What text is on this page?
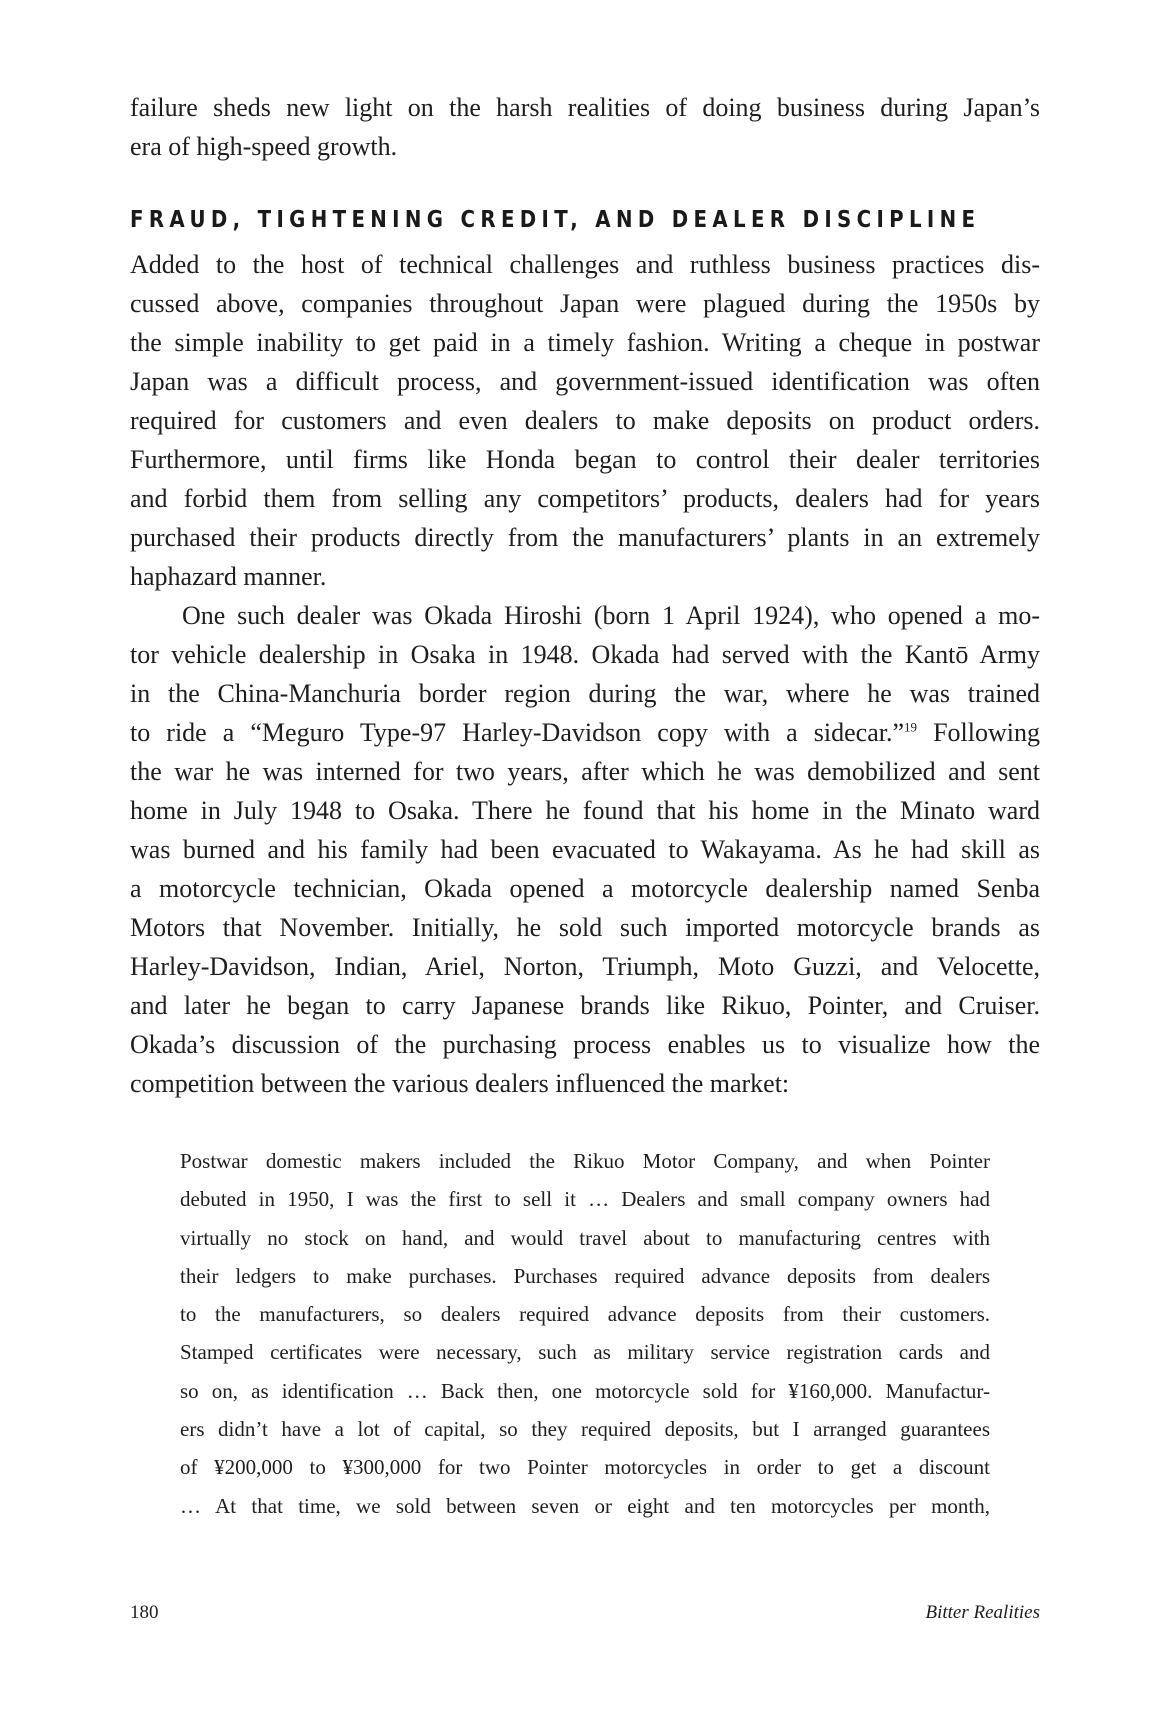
failure sheds new light on the harsh realities of doing business during Japan’s
era of high-speed growth.

FRAUD, TIGHTENING CREDIT, AND DEALER DISCIPLINE

Added to the host of technical challenges and ruthless business practices dis-
cussed above, companies throughout Japan were plagued during the 1950s by
the simple inability to get paid in a timely fashion. Writing a cheque in postwar
Japan was a difficult process, and government-issued identification was often
required for customers and even dealers to make deposits on product orders.
Furthermore, until firms like Honda began to control their dealer territories
and forbid them from selling any competitors’ products, dealers had for years
purchased their products directly from the manufacturers’ plants in an extremely
haphazard manner.

One such dealer was Okada Hiroshi (born 1 April 1924), who opened a mo-
tor vehicle dealership in Osaka in 1948. Okada had served with the Kantō Army
in the China-Manchuria border region during the war, where he was trained
to ride a “Meguro Type-97 Harley-Davidson copy with a sidecar.”$^{19}$ Following
the war he was interned for two years, after which he was demobilized and sent
home in July 1948 to Osaka. There he found that his home in the Minato ward
was burned and his family had been evacuated to Wakayama. As he had skill as
a motorcycle technician, Okada opened a motorcycle dealership named Senba
Motors that November. Initially, he sold such imported motorcycle brands as
Harley-Davidson, Indian, Ariel, Norton, Triumph, Moto Guzzi, and Velocette,
and later he began to carry Japanese brands like Rikuo, Pointer, and Cruiser.
Okada’s discussion of the purchasing process enables us to visualize how the
competition between the various dealers influenced the market:

Postwar domestic makers included the Rikuo Motor Company, and when Pointer
debuted in 1950, I was the first to sell it … Dealers and small company owners had
virtually no stock on hand, and would travel about to manufacturing centres with
their ledgers to make purchases. Purchases required advance deposits from dealers
to the manufacturers, so dealers required advance deposits from their customers.
Stamped certificates were necessary, such as military service registration cards and
so on, as identification … Back then, one motorcycle sold for ¥160,000. Manufactur-
ers didn’t have a lot of capital, so they required deposits, but I arranged guarantees
of ¥200,000 to ¥300,000 for two Pointer motorcycles in order to get a discount
… At that time, we sold between seven or eight and ten motorcycles per month,
180	Bitter Realities
